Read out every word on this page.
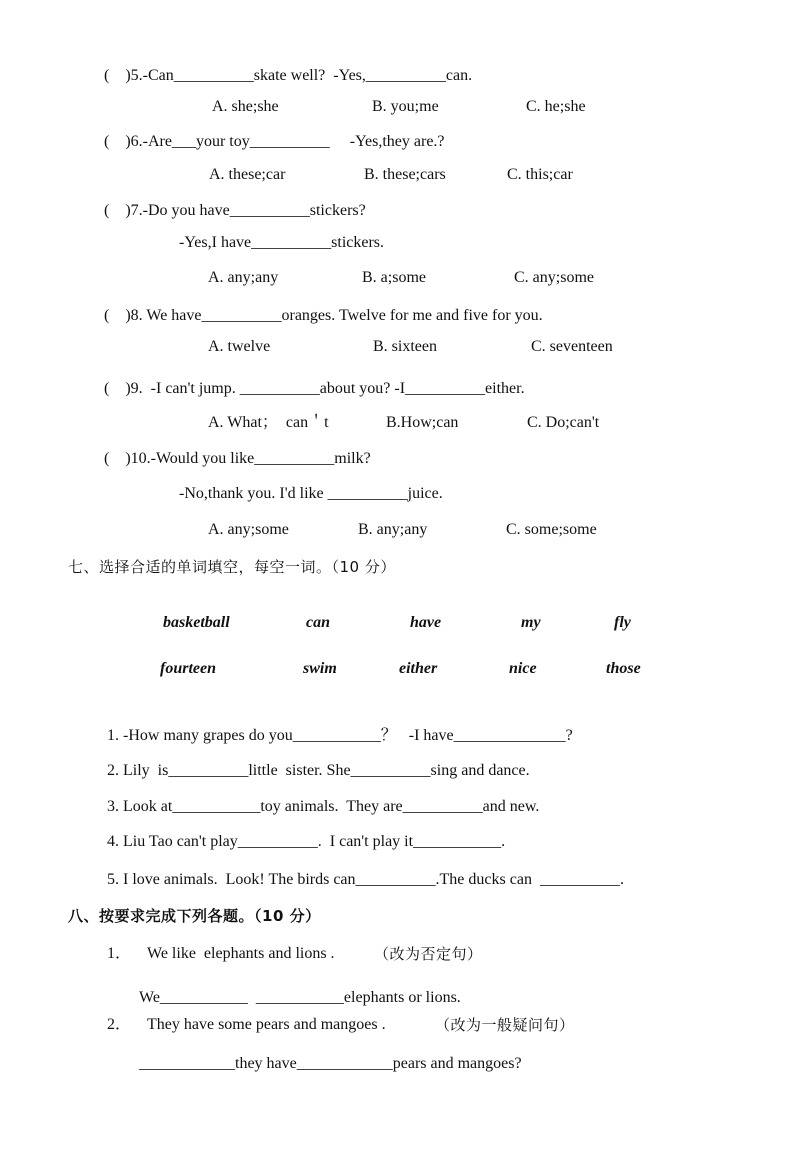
(    )5.-Can__________skate well?  -Yes,__________can.
A. she;she	B. you;me	C. he;she
(    )6.-Are___your toy__________     -Yes,they are.?
A. these;car	B. these;cars	C. this;car
(    )7.-Do you have__________stickers?
-Yes,I have__________stickers.
A. any;any	B. a;some	C. any;some
(    )8. We have__________oranges. Twelve for me and five for you.
A. twelve	B. sixteen	C. seventeen
(    )9.  -I can't jump. __________about you? -I__________either.
A. What；  can＇t	B.How;can	C. Do;can't
(    )10.-Would you like__________milk?
-No,thank you. I'd like __________juice.
A. any;some	B. any;any	C. some;some
七、选择合适的单词填空，每空一词。（10 分）
basketball	can	have	my	fly
fourteen	swim	either	nice	those
1. -How many grapes do you___________？   -I have______________?
2. Lily  is__________little  sister. She__________sing and dance.
3. Look at___________toy animals.  They are__________and new.
4. Liu Tao can't play__________.  I can't play it___________.
5. I love animals.  Look! The birds can__________.The ducks can  __________.
八、按要求完成下列各题。（10 分）
1． We like  elephants and lions .	（改为否定句）
We___________  ___________elephants or lions.
2． They have some pears and mangoes .	（改为一般疑问句）
____________they have____________pears and mangoes?
